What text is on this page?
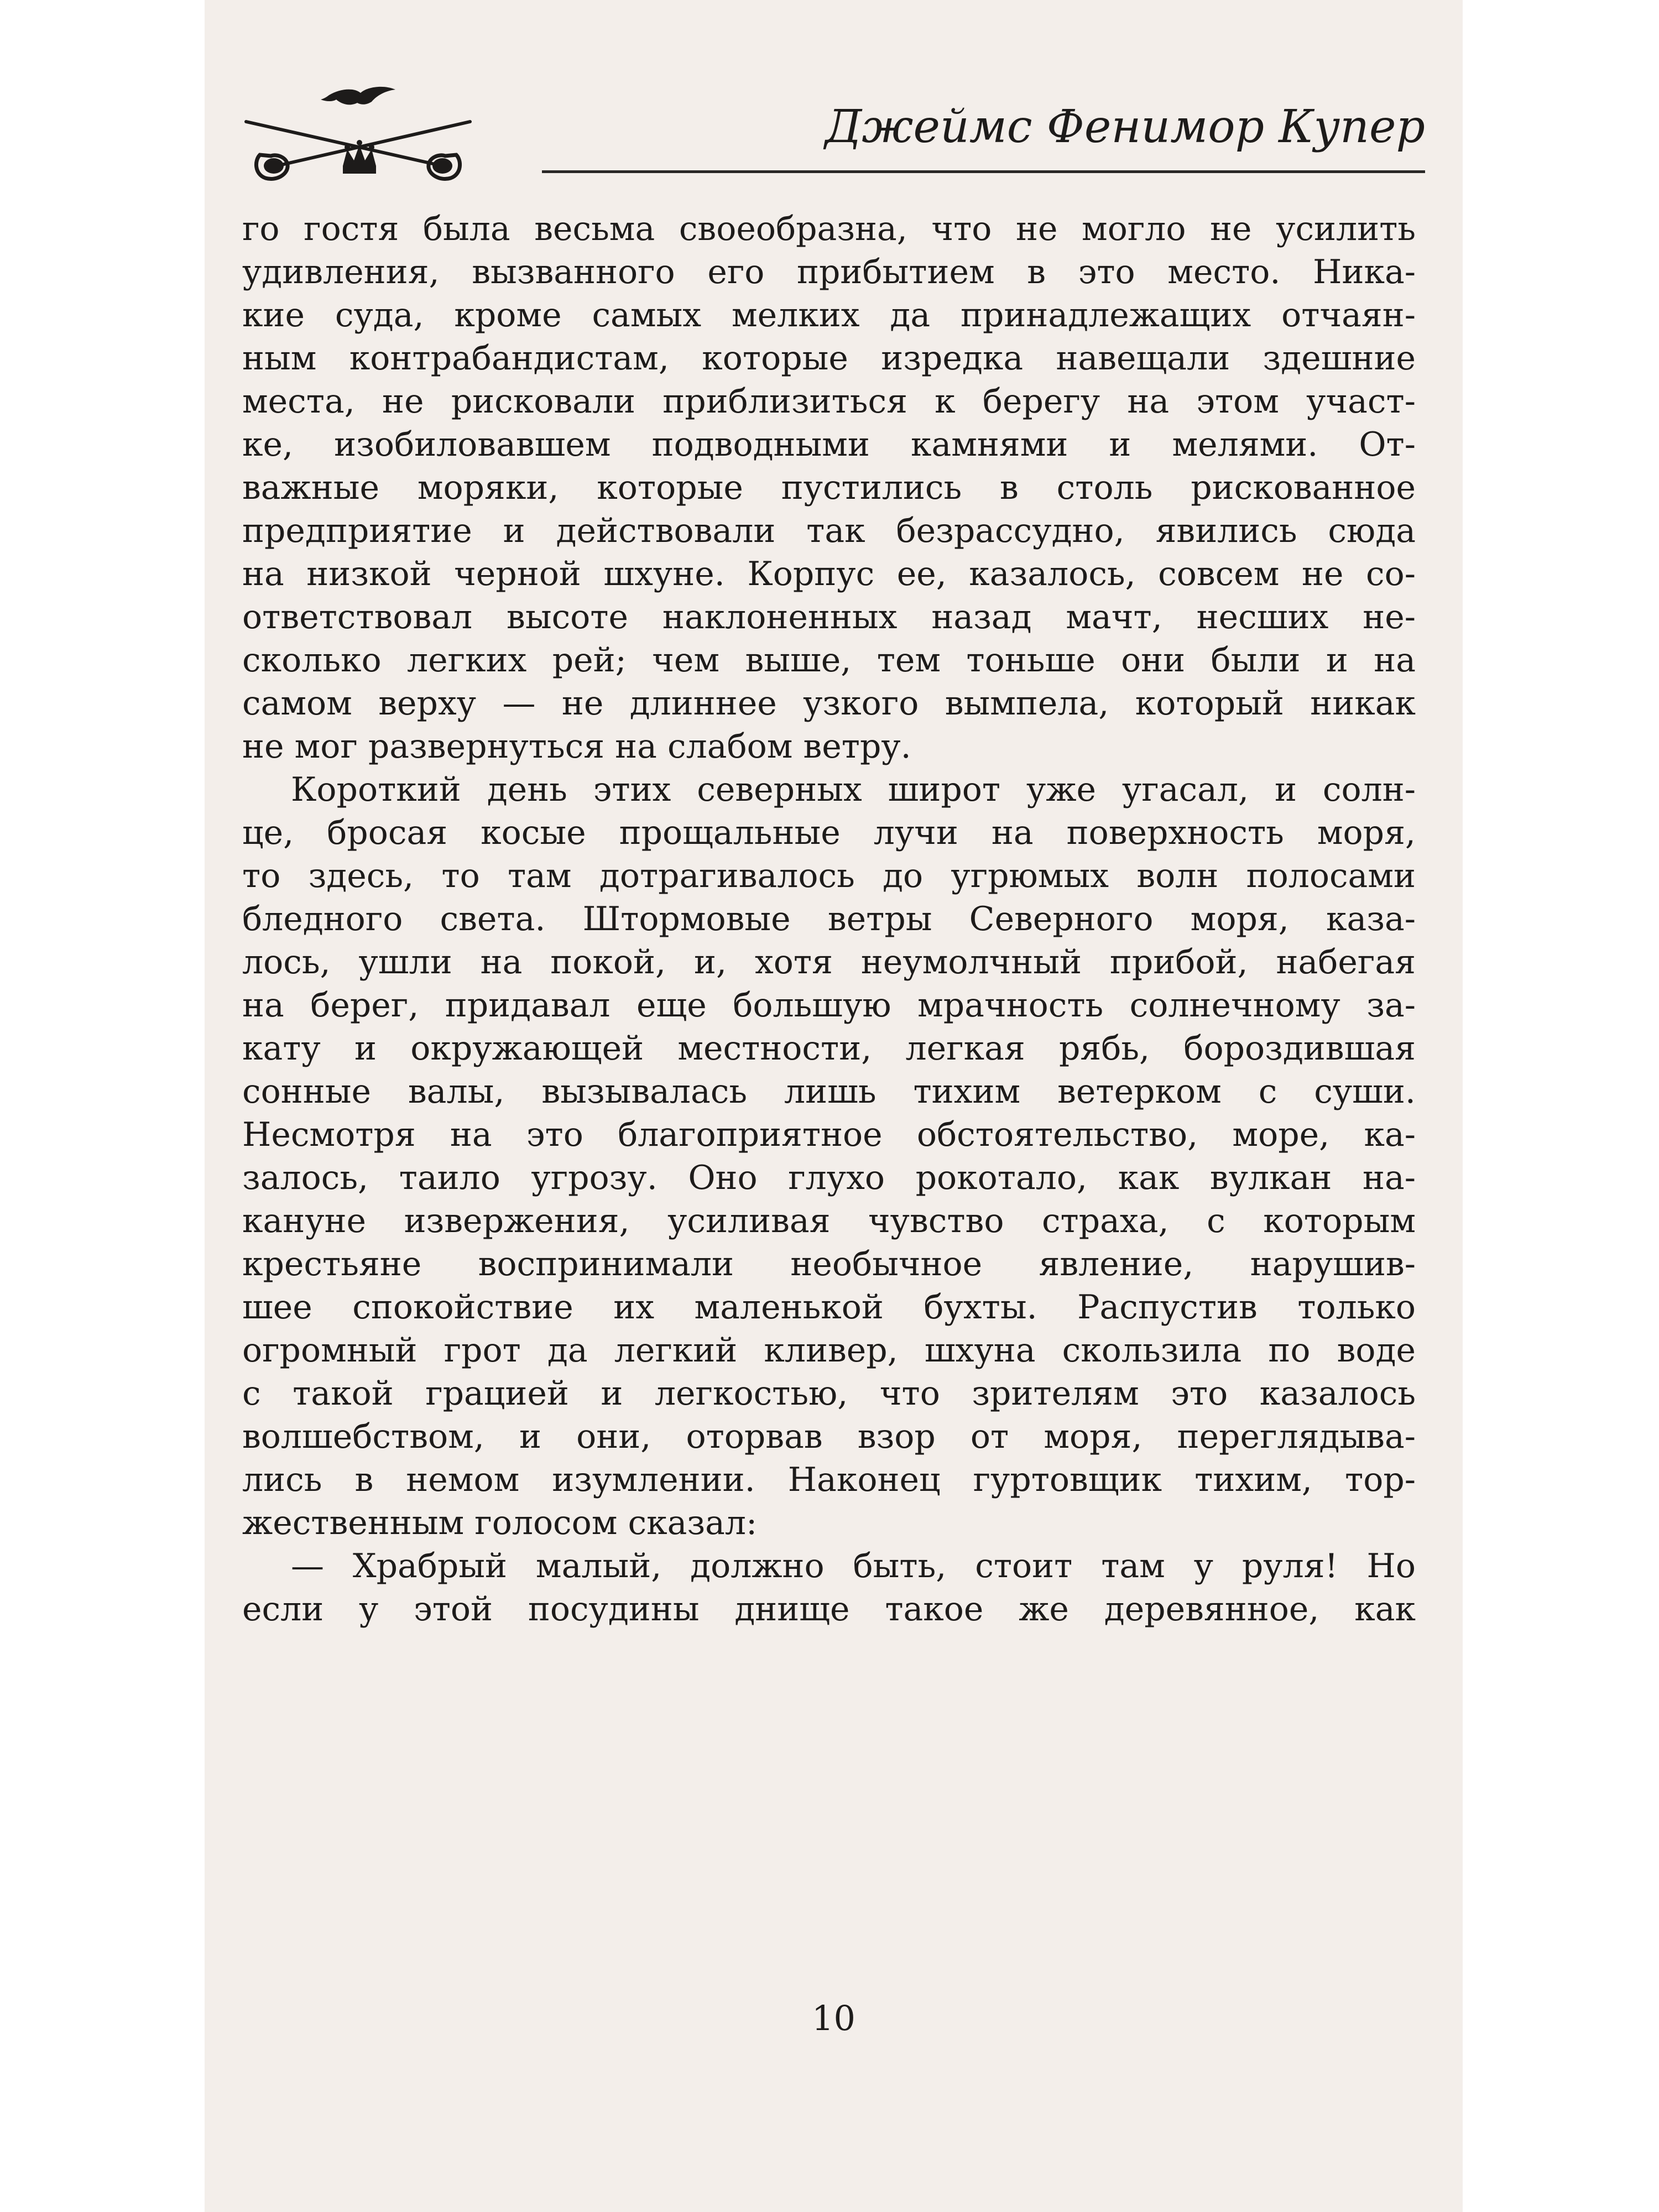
Джеймс Фенимор Купер
го гостя была весьма своеобразна, что не могло не усилить
удивления, вызванного его прибытием в это место. Ника-
кие суда, кроме самых мелких да принадлежащих отчаян-
ным контрабандистам, которые изредка навещали здешние
места, не рисковали приблизиться к берегу на этом участ-
ке, изобиловавшем подводными камнями и мелями. От-
важные моряки, которые пустились в столь рискованное
предприятие и действовали так безрассудно, явились сюда
на низкой черной шхуне. Корпус ее, казалось, совсем не со-
ответствовал высоте наклоненных назад мачт, несших не-
сколько легких рей; чем выше, тем тоньше они были и на
самом верху — не длиннее узкого вымпела, который никак
не мог развернуться на слабом ветру.
Короткий день этих северных широт уже угасал, и солн-
це, бросая косые прощальные лучи на поверхность моря,
то здесь, то там дотрагивалось до угрюмых волн полосами
бледного света. Штормовые ветры Северного моря, каза-
лось, ушли на покой, и, хотя неумолчный прибой, набегая
на берег, придавал еще большую мрачность солнечному за-
кату и окружающей местности, легкая рябь, бороздившая
сонные валы, вызывалась лишь тихим ветерком с суши.
Несмотря на это благоприятное обстоятельство, море, ка-
залось, таило угрозу. Оно глухо рокотало, как вулкан на-
кануне извержения, усиливая чувство страха, с которым
крестьяне воспринимали необычное явление, нарушив-
шее спокойствие их маленькой бухты. Распустив только
огромный грот да легкий кливер, шхуна скользила по воде
с такой грацией и легкостью, что зрителям это казалось
волшебством, и они, оторвав взор от моря, переглядыва-
лись в немом изумлении. Наконец гуртовщик тихим, тор-
жественным голосом сказал:
— Храбрый малый, должно быть, стоит там у руля! Но
если у этой посудины днище такое же деревянное, как
10
